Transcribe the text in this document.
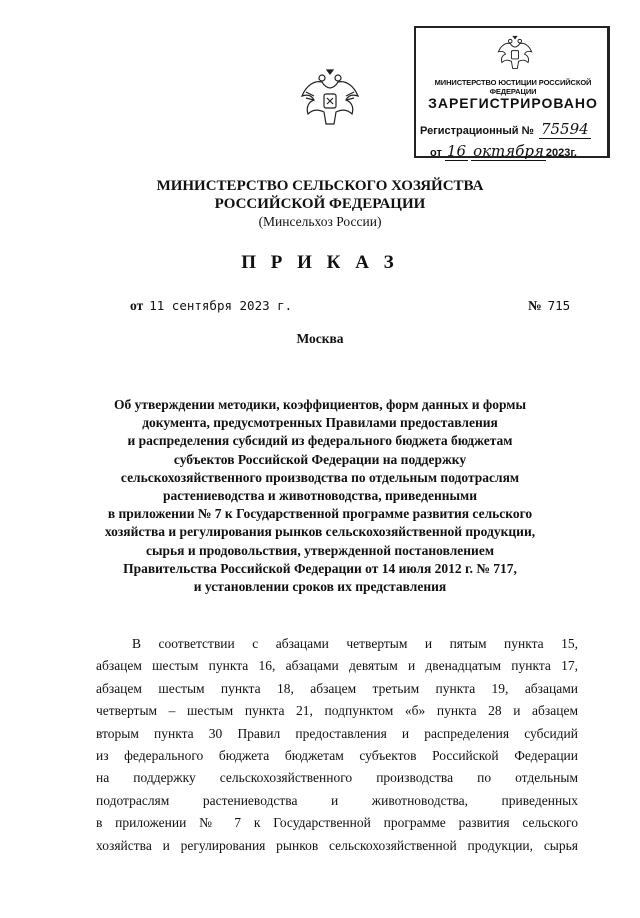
МИНИСТЕРСТВО ЮСТИЦИИ РОССИЙСКОЙ ФЕДЕРАЦИИ
ЗАРЕГИСТРИРОВАНО
Регистрационный № 75594
от 16 октября 2023г.
МИНИСТЕРСТВО СЕЛЬСКОГО ХОЗЯЙСТВА
РОССИЙСКОЙ ФЕДЕРАЦИИ
(Минсельхоз России)
П Р И К А З
от 11 сентября 2023 г.	№ 715
Москва
Об утверждении методики, коэффициентов, форм данных и формы
документа, предусмотренных Правилами предоставления
и распределения субсидий из федерального бюджета бюджетам
субъектов Российской Федерации на поддержку
сельскохозяйственного производства по отдельным подотраслям
растениеводства и животноводства, приведенными
в приложении № 7 к Государственной программе развития сельского
хозяйства и регулирования рынков сельскохозяйственной продукции,
сырья и продовольствия, утвержденной постановлением
Правительства Российской Федерации от 14 июля 2012 г. № 717,
и установлении сроков их представления
В соответствии с абзацами четвертым и пятым пункта 15,
абзацем шестым пункта 16, абзацами девятым и двенадцатым пункта 17,
абзацем шестым пункта 18, абзацем третьим пункта 19, абзацами
четвертым – шестым пункта 21, подпунктом «б» пункта 28 и абзацем
вторым пункта 30 Правил предоставления и распределения субсидий
из федерального бюджета бюджетам субъектов Российской Федерации
на поддержку сельскохозяйственного производства по отдельным
подотраслям растениеводства и животноводства, приведенных
в приложении № 7 к Государственной программе развития сельского
хозяйства и регулирования рынков сельскохозяйственной продукции, сырья
